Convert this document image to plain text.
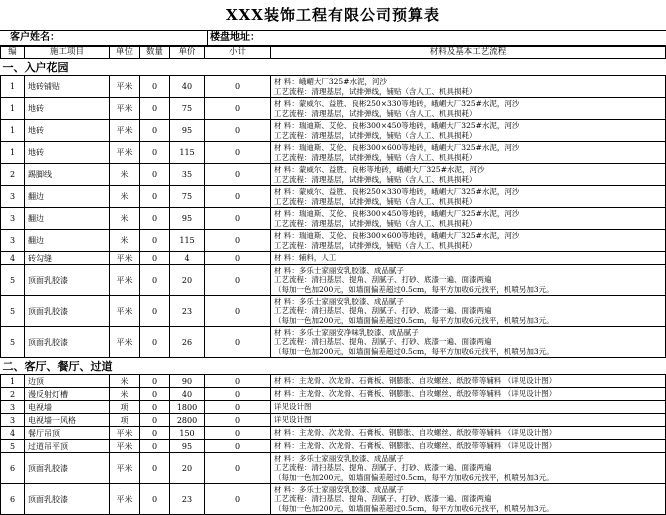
XXX装饰工程有限公司预算表
客户姓名：	楼盘地址：
编	施工项目	单位	数量	单价	小计	材料及基本工艺流程
一、入户花园						
1	地砖铺贴	平米	0	40	0	材 料：峨嵋大厂325#水泥，河沙
工艺流程：清理基层，试排弹线，铺贴（含人工、机具损耗）

1	地砖	平米	0	75	0	材 料：蒙威尔、益胜、良彬250×330等地砖，峨嵋大厂325#水泥，河沙
工艺流程：清理基层，试排弹线，铺贴（含人工、机具损耗）

1	地砖	平米	0	95	0	材 料：瑞迪斯、艾伦、良彬300×450等地砖，峨嵋大厂325#水泥，河沙
工艺流程：清理基层，试排弹线，铺贴（含人工、机具损耗）

1	地砖	平米	0	115	0	材 料：瑞迪斯、艾伦、良彬300×600等地砖，峨嵋大厂325#水泥，河沙
工艺流程：清理基层，试排弹线，铺贴（含人工、机具损耗）

2	踢脚线	米	0	35	0	材 料：蒙威尔、益胜、良彬等地砖，峨嵋大厂325#水泥，河沙
工艺流程：清理基层，试排弹线，铺贴（含人工、机具损耗）

3	翻边	米	0	75	0	材 料：蒙威尔、益胜、良彬250×330等地砖，峨嵋大厂325#水泥，河沙
工艺流程：清理基层，试排弹线，铺贴（含人工、机具损耗）

3	翻边	米	0	95	0	材 料：瑞迪斯、艾伦、良彬300×450等地砖，峨嵋大厂325#水泥，河沙
工艺流程：清理基层，试排弹线，铺贴（含人工、机具损耗）

3	翻边	米	0	115	0	材 料：瑞迪斯、艾伦、良彬300×600等地砖，峨嵋大厂325#水泥，河沙
工艺流程：清理基层，试排弹线，铺贴（含人工、机具损耗）

4	砖勾缝	平米	0	4	0	材 料：辅料，人工

5	顶面乳胶漆	平米	0	20	0	材 料：多乐士家丽安乳胶漆、成品腻子
工艺流程：清扫基层、提角、刮腻子、打砂、底漆一遍、面漆两遍
（每加一色加200元，如墙面偏差超过0.5cm，每平方加收6元找平，机喷另加3元。

5	顶面乳胶漆	平米	0	23	0	材 料：多乐士家丽安乳胶漆、成品腻子
工艺流程：清扫基层、提角、刮腻子、打砂、底漆一遍、面漆两遍
（每加一色加200元，如墙面偏差超过0.5cm，每平方加收6元找平，机喷另加3元。

5	顶面乳胶漆	平米	0	26	0	材 料：多乐士家丽安净味乳胶漆、成品腻子
工艺流程：清扫基层、提角、刮腻子、打砂、底漆一遍、面漆两遍
（每加一色加200元，如墙面偏差超过0.5cm，每平方加收6元找平，机喷另加3元。

二、客厅、餐厅、过道						
1	边顶	米	0	90	0	材 料：主龙骨、次龙骨、石膏板、钢膨胀、自攻螺丝、纸胶带等辅料 （详见设计图）

2	漫反射灯槽	米	0	40	0	材 料：主龙骨、次龙骨、石膏板、钢膨胀、自攻螺丝、纸胶带等辅料 （详见设计图）

3	电视墙	项	0	1800	0	详见设计图

3	电视墙一风格	项	0	2800	0	详见设计图

4	餐厅吊顶	平米	0	150	0	材 料：主龙骨、次龙骨、石膏板、钢膨胀、自攻螺丝、纸胶带等辅料 （详见设计图）

5	过道吊平顶	平米	0	95	0	材 料：主龙骨、次龙骨、石膏板、钢膨胀、自攻螺丝、纸胶带等辅料 （详见设计图）

6	顶面乳胶漆	平米	0	20	0	材 料：多乐士家丽安乳胶漆、成品腻子
工艺流程：清扫基层、提角、刮腻子、打砂、底漆一遍、面漆两遍
（每加一色加200元，如墙面偏差超过0.5cm，每平方加收6元找平，机喷另加3元。

6	顶面乳胶漆	平米	0	23	0	材 料：多乐士家丽安乳胶漆、成品腻子
工艺流程：清扫基层、提角、刮腻子、打砂、底漆一遍、面漆两遍
（每加一色加200元，如墙面偏差超过0.5cm，每平方加收6元找平，机喷另加3元。
